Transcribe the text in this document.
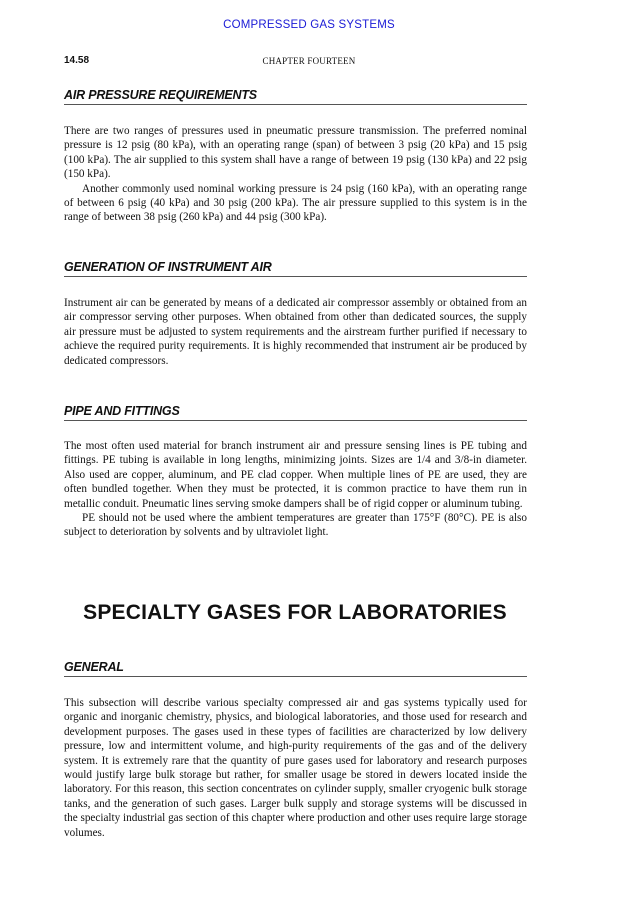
COMPRESSED GAS SYSTEMS
14.58	CHAPTER FOURTEEN
AIR PRESSURE REQUIREMENTS

There are two ranges of pressures used in pneumatic pressure transmission. The preferred nominal pressure is 12 psig (80 kPa), with an operating range (span) of between 3 psig (20 kPa) and 15 psig (100 kPa). The air supplied to this system shall have a range of between 19 psig (130 kPa) and 22 psig (150 kPa).

Another commonly used nominal working pressure is 24 psig (160 kPa), with an operating range of between 6 psig (40 kPa) and 30 psig (200 kPa). The air pressure supplied to this system is in the range of between 38 psig (260 kPa) and 44 psig (300 kPa).

GENERATION OF INSTRUMENT AIR

Instrument air can be generated by means of a dedicated air compressor assembly or obtained from an air compressor serving other purposes. When obtained from other than dedicated sources, the supply air pressure must be adjusted to system requirements and the airstream further purified if necessary to achieve the required purity requirements. It is highly recommended that instrument air be produced by dedicated compressors.

PIPE AND FITTINGS

The most often used material for branch instrument air and pressure sensing lines is PE tubing and fittings. PE tubing is available in long lengths, minimizing joints. Sizes are 1/4 and 3/8-in diameter. Also used are copper, aluminum, and PE clad copper. When multiple lines of PE are used, they are often bundled together. When they must be protected, it is common practice to have them run in metallic conduit. Pneumatic lines serving smoke dampers shall be of rigid copper or aluminum tubing.

PE should not be used where the ambient temperatures are greater than 175°F (80°C). PE is also subject to deterioration by solvents and by ultraviolet light.

SPECIALTY GASES FOR LABORATORIES
GENERAL

This subsection will describe various specialty compressed air and gas systems typically used for organic and inorganic chemistry, physics, and biological laboratories, and those used for research and development purposes. The gases used in these types of facilities are characterized by low delivery pressure, low and intermittent volume, and high-purity requirements of the gas and of the delivery system. It is extremely rare that the quantity of pure gases used for laboratory and research purposes would justify large bulk storage but rather, for smaller usage be stored in dewers located inside the laboratory. For this reason, this section concentrates on cylinder supply, smaller cryogenic bulk storage tanks, and the generation of such gases. Larger bulk supply and storage systems will be discussed in the specialty industrial gas section of this chapter where production and other uses require large storage volumes.
